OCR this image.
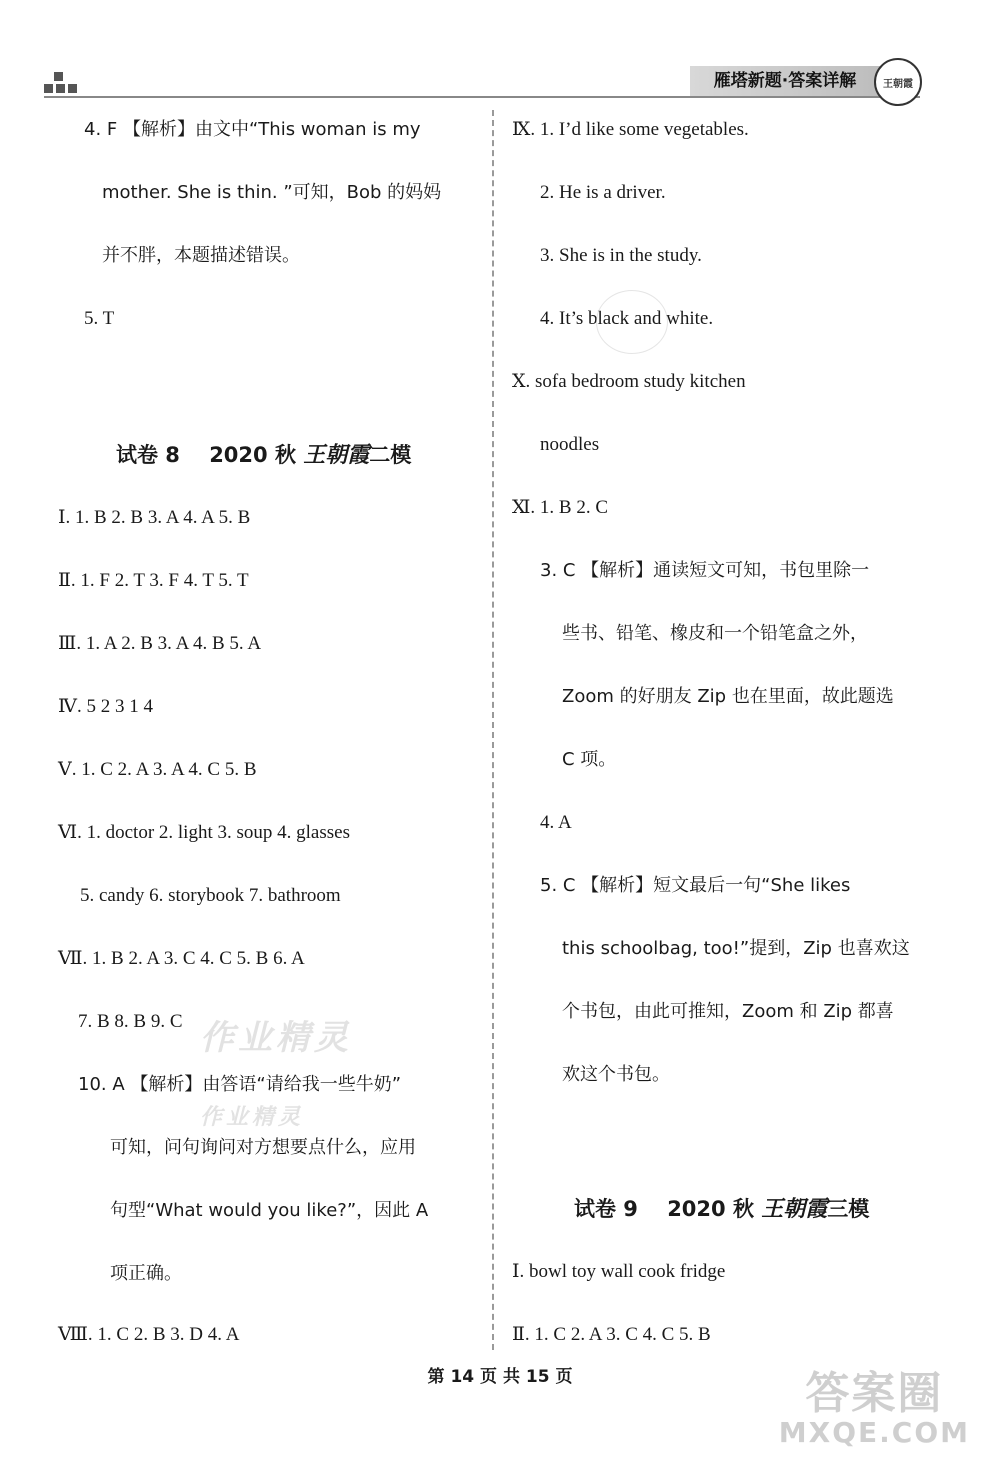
雁塔新题·答案详解	王朝霞
4. F 【解析】由文中“This woman is my
mother. She is thin. ”可知，Bob 的妈妈
并不胖，本题描述错误。
5. T
试卷 8 2020 秋 王朝霞二模
Ⅰ. 1. B 2. B 3. A 4. A 5. B
Ⅱ. 1. F 2. T 3. F 4. T 5. T
Ⅲ. 1. A 2. B 3. A 4. B 5. A
Ⅳ. 5 2 3 1 4
Ⅴ. 1. C 2. A 3. A 4. C 5. B
Ⅵ. 1. doctor 2. light 3. soup 4. glasses
5. candy 6. storybook 7. bathroom
Ⅶ. 1. B 2. A 3. C 4. C 5. B 6. A
7. B 8. B 9. C
10. A 【解析】由答语“请给我一些牛奶”
可知，问句询问对方想要点什么，应用
句型“What would you like?”，因此 A
项正确。
Ⅷ. 1. C 2. B 3. D 4. A
Ⅸ. 1. I’d like some vegetables.
2. He is a driver.
3. She is in the study.
4. It’s black and white.
Ⅹ. sofa bedroom study kitchen
noodles
Ⅺ. 1. B 2. C
3. C 【解析】通读短文可知，书包里除一
些书、铅笔、橡皮和一个铅笔盒之外，
Zoom 的好朋友 Zip 也在里面，故此题选
C 项。
4. A
5. C 【解析】短文最后一句“She likes
this schoolbag, too!”提到，Zip 也喜欢这
个书包，由此可推知，Zoom 和 Zip 都喜
欢这个书包。
试卷 9 2020 秋 王朝霞三模
Ⅰ. bowl toy wall cook fridge
Ⅱ. 1. C 2. A 3. C 4. C 5. B
作业精灵
作业精灵
第 14 页 共 15 页	答案圈
MXQE.COM
